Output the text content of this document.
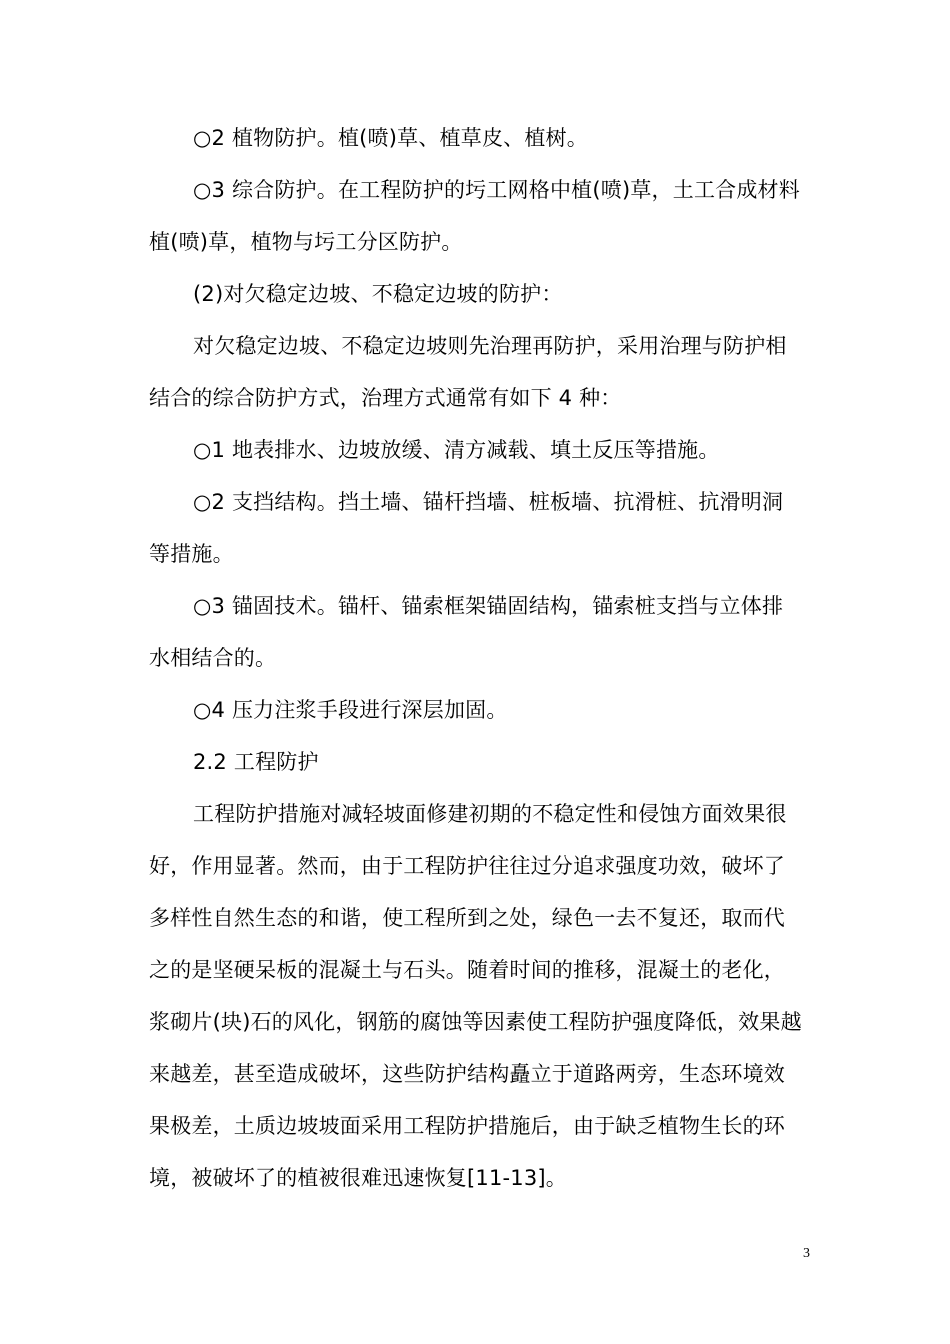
○2 植物防护。植(喷)草、植草皮、植树。

○3 综合防护。在工程防护的圬工网格中植(喷)草，土工合成材料植(喷)草，植物与圬工分区防护。

(2)对欠稳定边坡、不稳定边坡的防护：

对欠稳定边坡、不稳定边坡则先治理再防护，采用治理与防护相结合的综合防护方式，治理方式通常有如下 4 种：

○1 地表排水、边坡放缓、清方减载、填土反压等措施。

○2 支挡结构。挡土墙、锚杆挡墙、桩板墙、抗滑桩、抗滑明洞等措施。

○3 锚固技术。锚杆、锚索框架锚固结构，锚索桩支挡与立体排水相结合的。

○4 压力注浆手段进行深层加固。

2.2 工程防护

工程防护措施对减轻坡面修建初期的不稳定性和侵蚀方面效果很好，作用显著。然而，由于工程防护往往过分追求强度功效，破坏了多样性自然生态的和谐，使工程所到之处，绿色一去不复还，取而代之的是坚硬呆板的混凝土与石头。随着时间的推移，混凝土的老化，浆砌片(块)石的风化，钢筋的腐蚀等因素使工程防护强度降低，效果越来越差，甚至造成破坏，这些防护结构矗立于道路两旁，生态环境效果极差，土质边坡坡面采用工程防护措施后，由于缺乏植物生长的环境，被破坏了的植被很难迅速恢复[11-13]。

3
